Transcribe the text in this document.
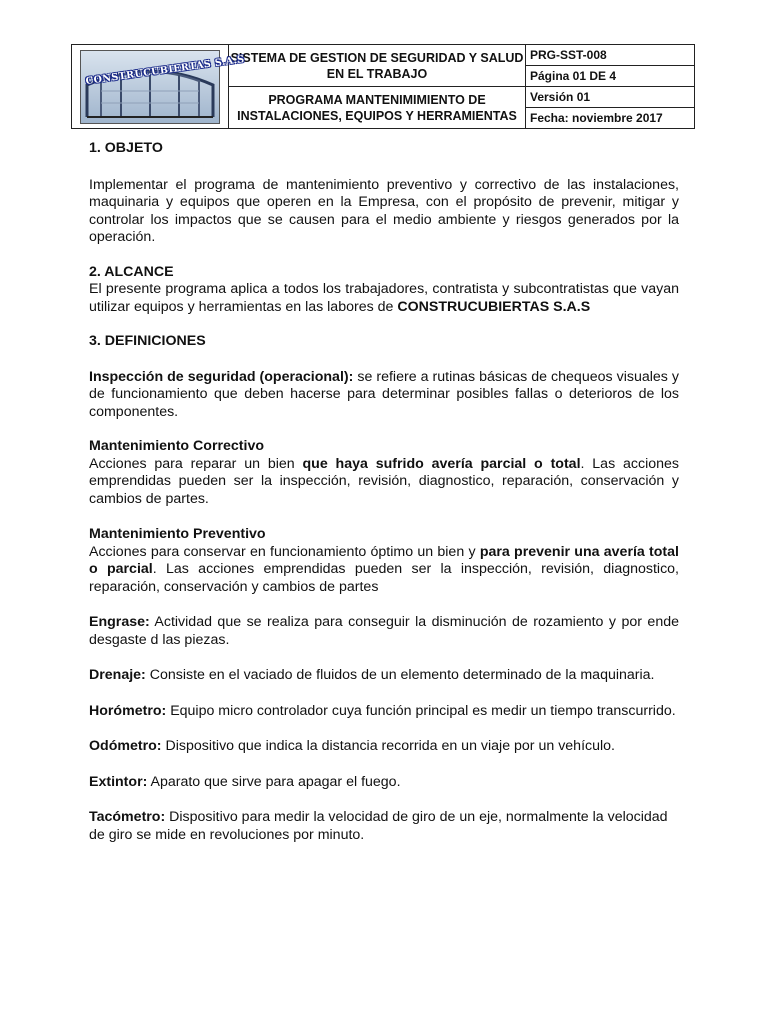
CONSTRUCUBIERTAS S.A.S	SISTEMA DE GESTION DE SEGURIDAD Y SALUD EN EL TRABAJO	PRG-SST-008
		Página 01 DE 4
	PROGRAMA MANTENIMIMIENTO DE INSTALACIONES, EQUIPOS Y HERRAMIENTAS	Versión 01
		Fecha: noviembre 2017

1. OBJETO

Implementar el programa de mantenimiento preventivo y correctivo de las instalaciones, maquinaria y equipos que operen en la Empresa, con el propósito de prevenir, mitigar y controlar los impactos que se causen para el medio ambiente y riesgos generados por la operación.

2. ALCANCE

El presente programa aplica a todos los trabajadores, contratista y subcontratistas que vayan utilizar equipos y herramientas en las labores de CONSTRUCUBIERTAS S.A.S

3. DEFINICIONES

Inspección de seguridad (operacional): se refiere a rutinas básicas de chequeos visuales y de funcionamiento que deben hacerse para determinar posibles fallas o deterioros de los componentes.

Mantenimiento Correctivo

Acciones para reparar un bien que haya sufrido avería parcial o total. Las acciones emprendidas pueden ser la inspección, revisión, diagnostico, reparación, conservación y cambios de partes.

Mantenimiento Preventivo

Acciones para conservar en funcionamiento óptimo un bien y para prevenir una avería total o parcial. Las acciones emprendidas pueden ser la inspección, revisión, diagnostico, reparación, conservación y cambios de partes

Engrase: Actividad que se realiza para conseguir la disminución de rozamiento y por ende desgaste d las piezas.

Drenaje: Consiste en el vaciado de fluidos de un elemento determinado de la maquinaria.

Horómetro: Equipo micro controlador cuya función principal es medir un tiempo transcurrido.

Odómetro: Dispositivo que indica la distancia recorrida en un viaje por un vehículo.

Extintor: Aparato que sirve para apagar el fuego.

Tacómetro: Dispositivo para medir la velocidad de giro de un eje, normalmente la velocidad de giro se mide en revoluciones por minuto.
